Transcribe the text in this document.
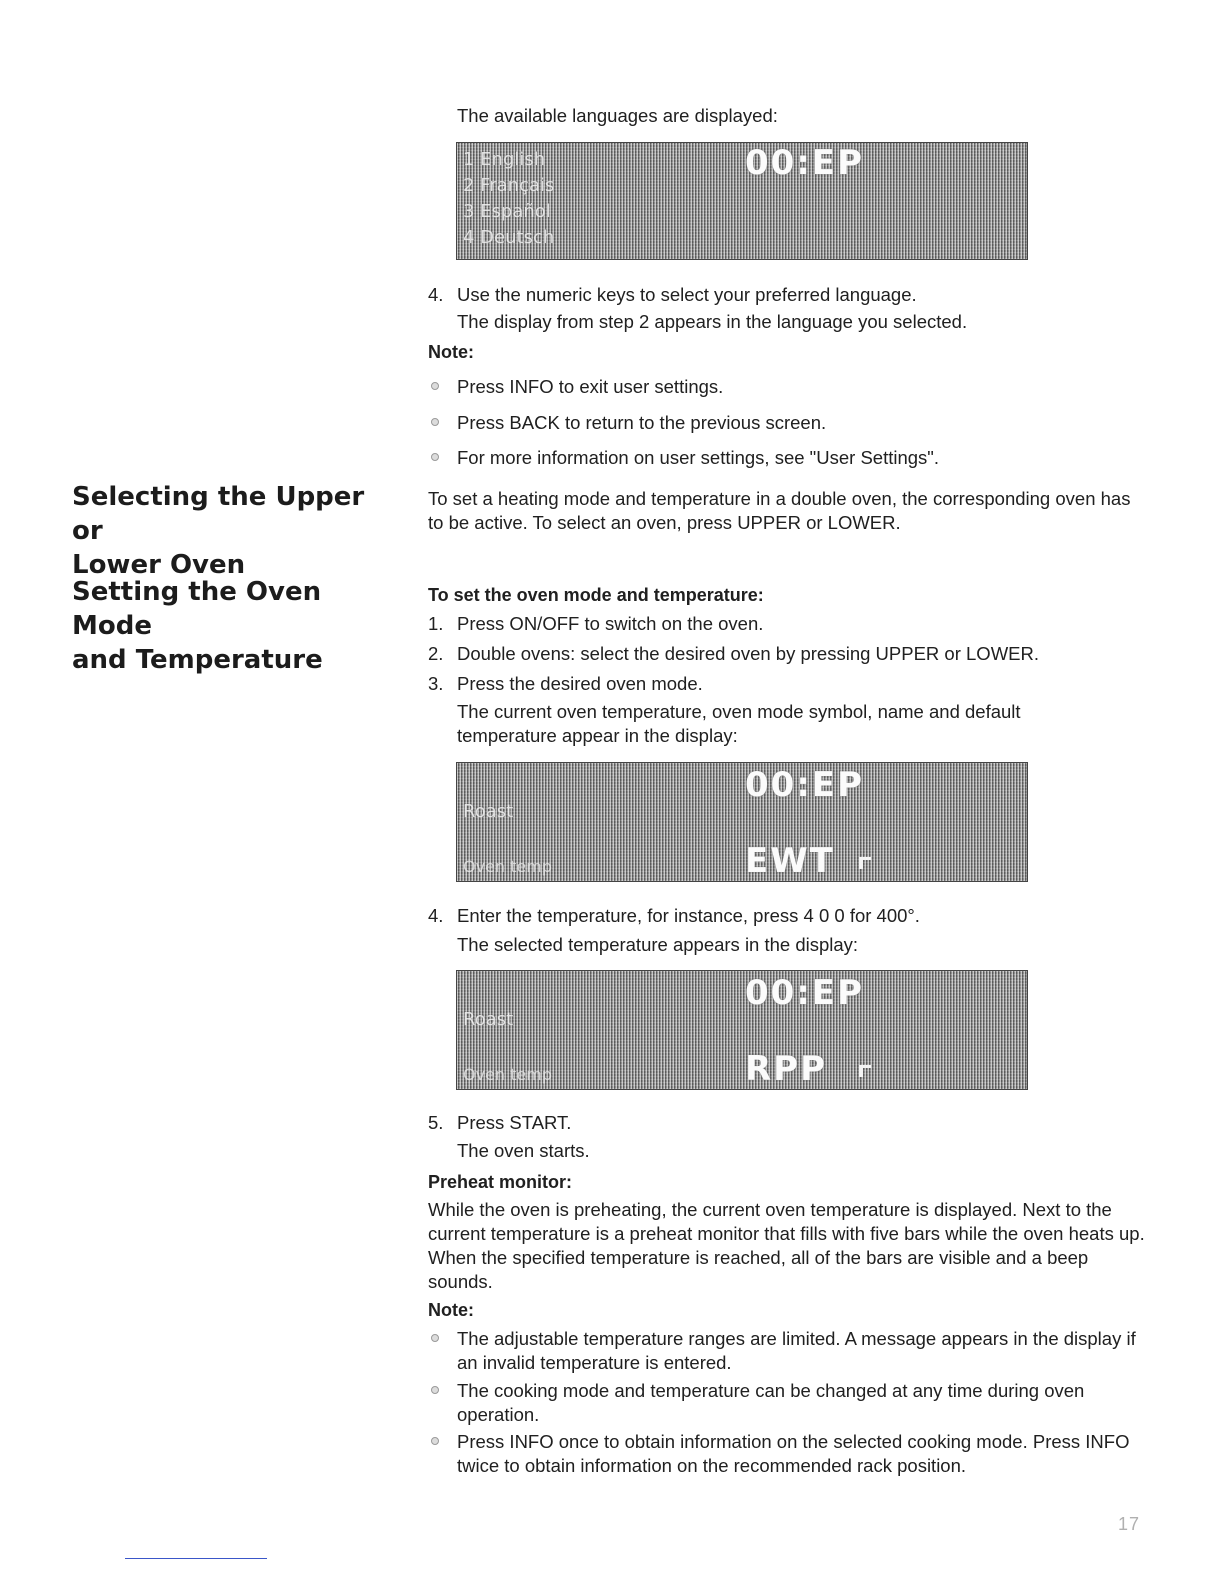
The available languages are displayed:

1 English
2 Français
3 Español
4 Deutsch
00:EP
4. Use the numeric keys to select your preferred language.

The display from step 2 appears in the language you selected.

Note:

Press INFO to exit user settings.

Press BACK to return to the previous screen.

For more information on user settings, see "User Settings".

Selecting the Upper or
Lower Oven

To set a heating mode and temperature in a double oven, the corresponding oven has to be active. To select an oven, press UPPER or LOWER.

Setting the Oven Mode
and Temperature

To set the oven mode and temperature:

1. Press ON/OFF to switch on the oven.

2. Double ovens: select the desired oven by pressing UPPER or LOWER.

3. Press the desired oven mode.

The current oven temperature, oven mode symbol, name and default temperature appear in the display:

00:EP
Roast
Oven temp	EWT
4. Enter the temperature, for instance, press 4 0 0 for 400°.

The selected temperature appears in the display:

00:EP
Roast
Oven temp	RPP
5. Press START.

The oven starts.

Preheat monitor:

While the oven is preheating, the current oven temperature is displayed. Next to the current temperature is a preheat monitor that fills with five bars while the oven heats up. When the specified temperature is reached, all of the bars are visible and a beep sounds.

Note:

The adjustable temperature ranges are limited. A message appears in the display if an invalid temperature is entered.

The cooking mode and temperature can be changed at any time during oven operation.

Press INFO once to obtain information on the selected cooking mode. Press INFO twice to obtain information on the recommended rack position.

17
